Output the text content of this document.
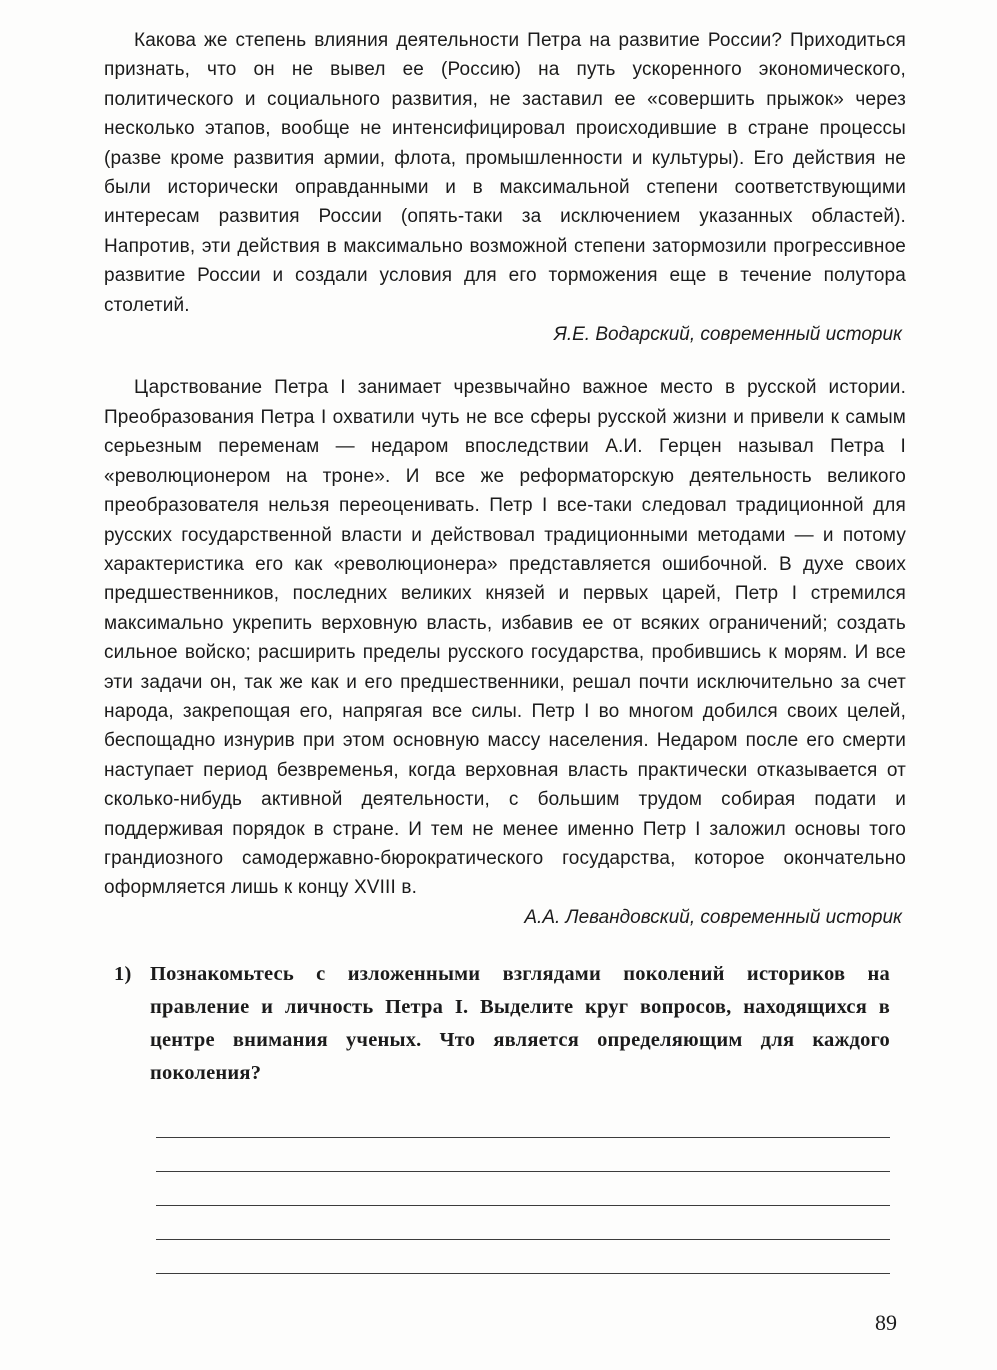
Какова же степень влияния деятельности Петра на развитие России? Приходиться признать, что он не вывел ее (Россию) на путь ускоренного экономического, политического и социального развития, не заставил ее «совершить прыжок» через несколько этапов, вообще не интенсифицировал происходившие в стране процессы (разве кроме развития армии, флота, промышленности и культуры). Его действия не были исторически оправданными и в максимальной степени соответствующими интересам развития России (опять-таки за исключением указанных областей). Напротив, эти действия в максимально возможной степени затормозили прогрессивное развитие России и создали условия для его торможения еще в течение полутора столетий.

Я.Е. Водарский, современный историк

Царствование Петра I занимает чрезвычайно важное место в русской истории. Преобразования Петра I охватили чуть не все сферы русской жизни и привели к самым серьезным переменам — недаром впоследствии А.И. Герцен называл Петра I «революционером на троне». И все же реформаторскую деятельность великого преобразователя нельзя переоценивать. Петр I все-таки следовал традиционной для русских государственной власти и действовал традиционными методами — и потому характеристика его как «революционера» представляется ошибочной. В духе своих предшественников, последних великих князей и первых царей, Петр I стремился максимально укрепить верховную власть, избавив ее от всяких ограничений; создать сильное войско; расширить пределы русского государства, пробившись к морям. И все эти задачи он, так же как и его предшественники, решал почти исключительно за счет народа, закрепощая его, напрягая все силы. Петр I во многом добился своих целей, беспощадно изнурив при этом основную массу населения. Недаром после его смерти наступает период безвременья, когда верховная власть практически отказывается от сколько-нибудь активной деятельности, с большим трудом собирая подати и поддерживая порядок в стране. И тем не менее именно Петр I заложил основы того грандиозного самодержавно-бюрократического государства, которое окончательно оформляется лишь к концу XVIII в.

А.А. Левандовский, современный историк

1) Познакомьтесь с изложенными взглядами поколений историков на правление и личность Петра I. Выделите круг вопросов, находящихся в центре внимания ученых. Что является определяющим для каждого поколения?
89
